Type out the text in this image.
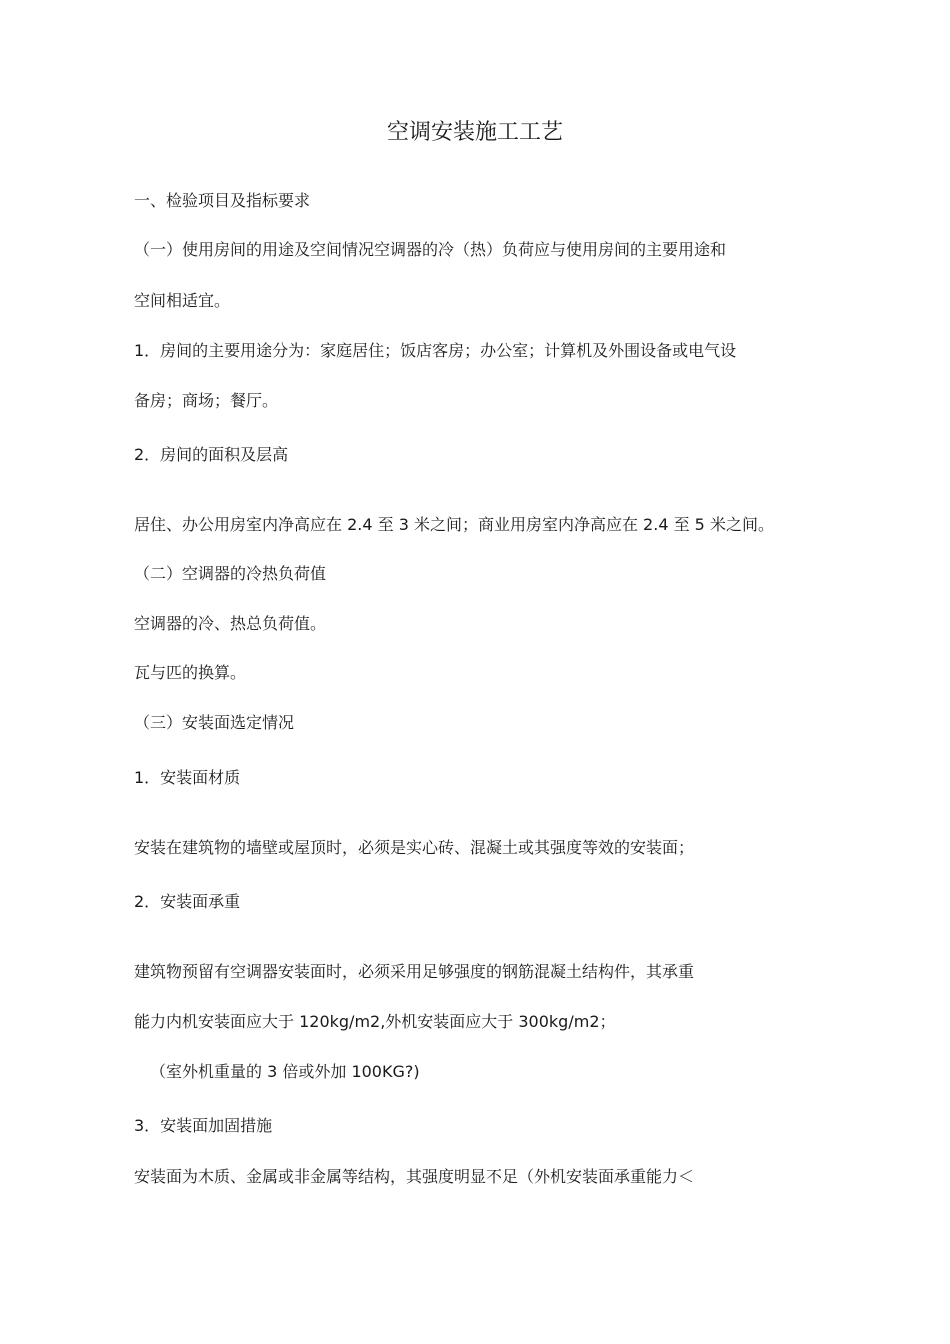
空调安装施工工艺
一、检验项目及指标要求
（一）使用房间的用途及空间情况空调器的冷（热）负荷应与使用房间的主要用途和
空间相适宜。
1．房间的主要用途分为：家庭居住；饭店客房；办公室；计算机及外围设备或电气设
备房；商场；餐厅。
2．房间的面积及层高
居住、办公用房室内净高应在 2.4 至 3 米之间；商业用房室内净高应在 2.4 至 5 米之间。
（二）空调器的冷热负荷值
空调器的冷、热总负荷值。
瓦与匹的换算。
（三）安装面选定情况
1．安装面材质
安装在建筑物的墙壁或屋顶时，必须是实心砖、混凝土或其强度等效的安装面；
2．安装面承重
建筑物预留有空调器安装面时，必须采用足够强度的钢筋混凝土结构件，其承重
能力内机安装面应大于 120kg/m2,外机安装面应大于 300kg/m2；
（室外机重量的 3 倍或外加 100KG?)
3．安装面加固措施
安装面为木质、金属或非金属等结构，其强度明显不足（外机安装面承重能力＜
